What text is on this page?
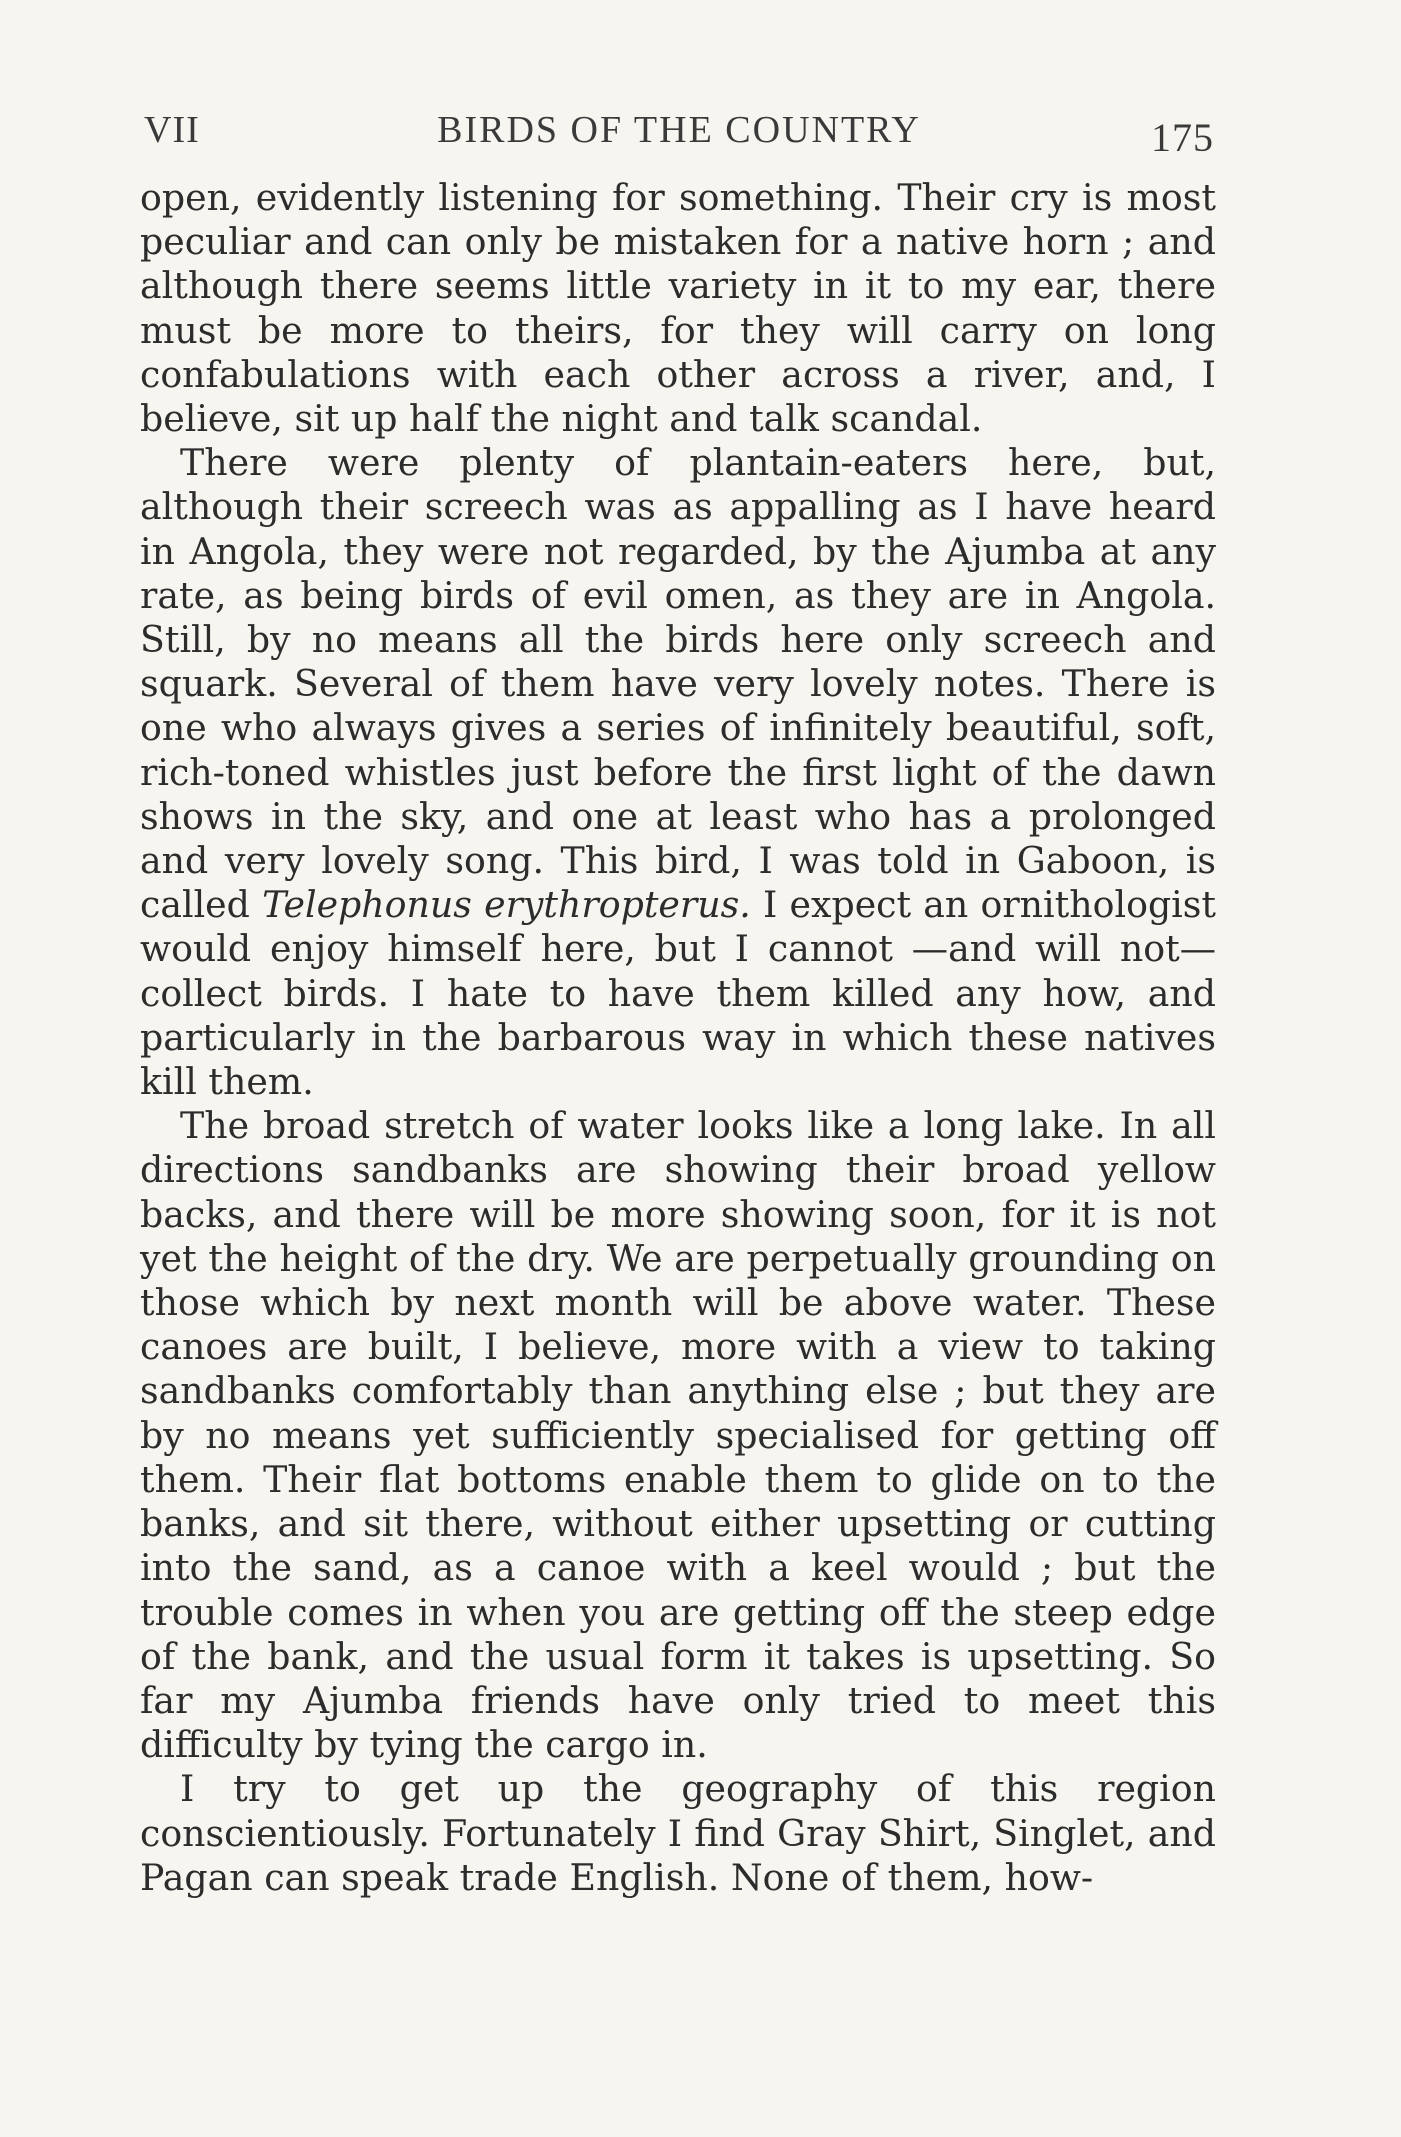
VII	BIRDS OF THE COUNTRY	175

open, evidently listening for something. Their cry is most peculiar and can only be mistaken for a native horn ; and although there seems little variety in it to my ear, there must be more to theirs, for they will carry on long confabulations with each other across a river, and, I believe, sit up half the night and talk scandal.

There were plenty of plantain-eaters here, but, although their screech was as appalling as I have heard in Angola, they were not regarded, by the Ajumba at any rate, as being birds of evil omen, as they are in Angola. Still, by no means all the birds here only screech and squark. Several of them have very lovely notes. There is one who always gives a series of infinitely beautiful, soft, rich-toned whistles just before the first light of the dawn shows in the sky, and one at least who has a prolonged and very lovely song. This bird, I was told in Gaboon, is called Telephonus erythropterus. I expect an ornithologist would enjoy himself here, but I cannot —and will not—collect birds. I hate to have them killed any how, and particularly in the barbarous way in which these natives kill them.

The broad stretch of water looks like a long lake. In all directions sandbanks are showing their broad yellow backs, and there will be more showing soon, for it is not yet the height of the dry. We are perpetually grounding on those which by next month will be above water. These canoes are built, I believe, more with a view to taking sandbanks comfortably than anything else ; but they are by no means yet sufficiently specialised for getting off them. Their flat bottoms enable them to glide on to the banks, and sit there, without either upsetting or cutting into the sand, as a canoe with a keel would ; but the trouble comes in when you are getting off the steep edge of the bank, and the usual form it takes is upsetting. So far my Ajumba friends have only tried to meet this difficulty by tying the cargo in.

I try to get up the geography of this region conscientiously. Fortunately I find Gray Shirt, Singlet, and Pagan can speak trade English. None of them, how-
